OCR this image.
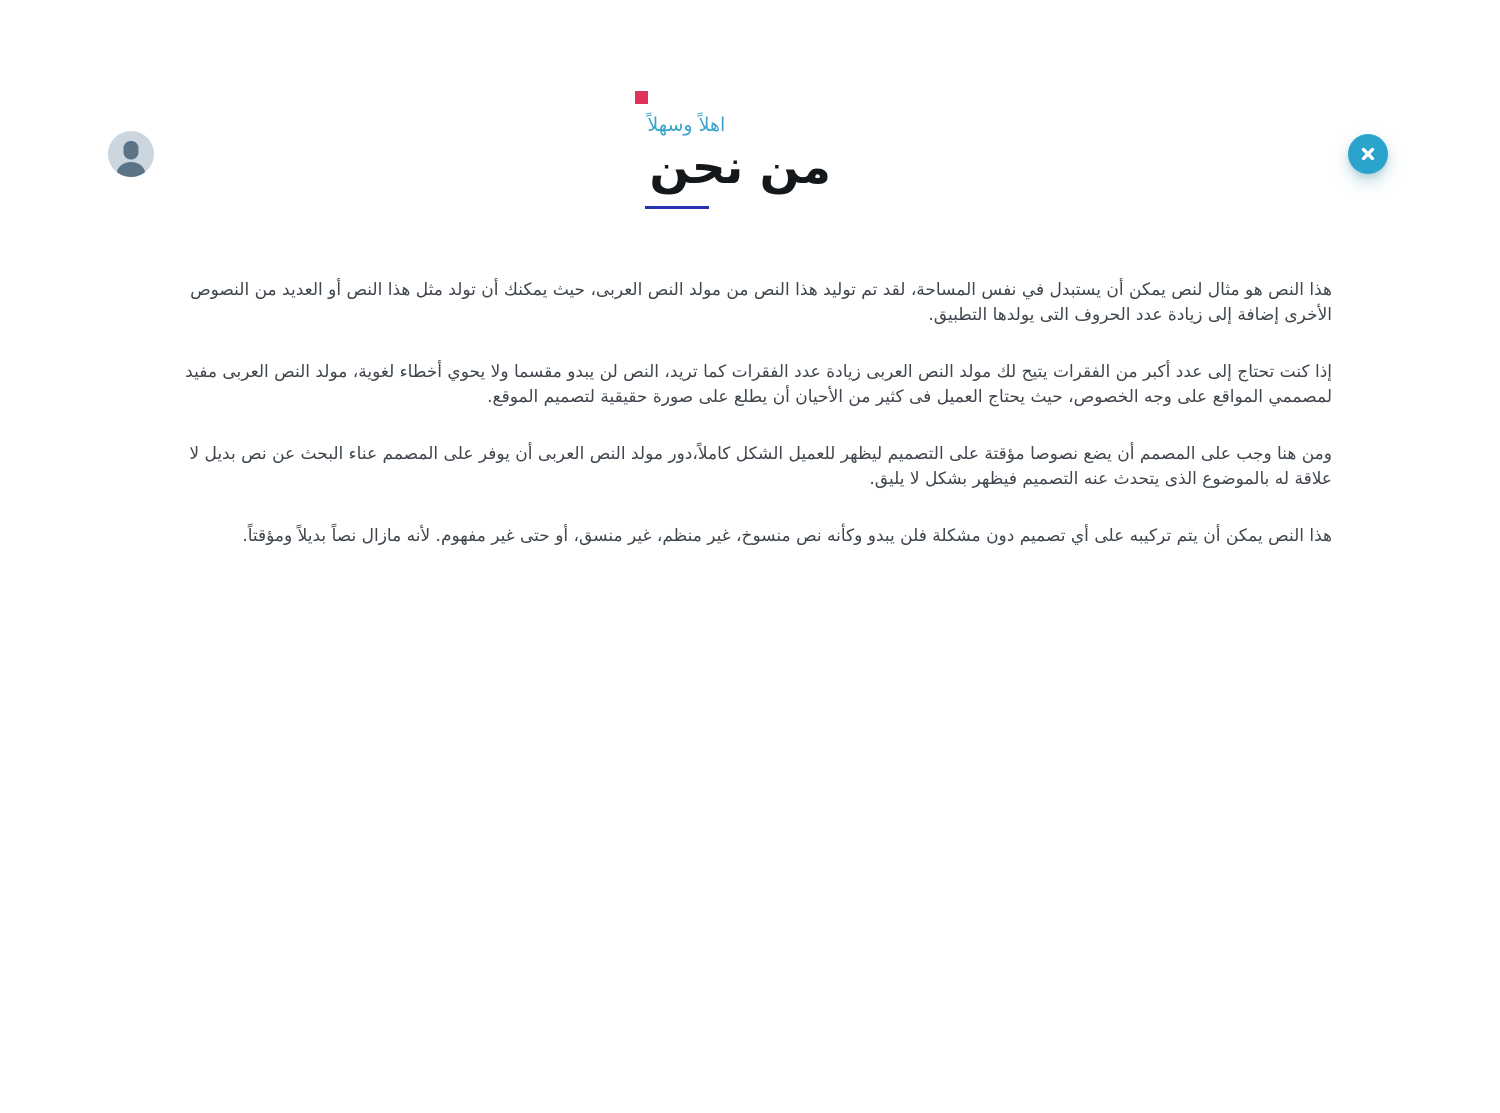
اهلاً وسهلاً
من نحن

هذا النص هو مثال لنص يمكن أن يستبدل في نفس المساحة، لقد تم توليد هذا النص من مولد النص العربى، حيث يمكنك أن تولد مثل هذا النص أو العديد من النصوص الأخرى إضافة إلى زيادة عدد الحروف التى يولدها التطبيق.

إذا كنت تحتاج إلى عدد أكبر من الفقرات يتيح لك مولد النص العربى زيادة عدد الفقرات كما تريد، النص لن يبدو مقسما ولا يحوي أخطاء لغوية، مولد النص العربى مفيد لمصممي المواقع على وجه الخصوص، حيث يحتاج العميل فى كثير من الأحيان أن يطلع على صورة حقيقية لتصميم الموقع.

ومن هنا وجب على المصمم أن يضع نصوصا مؤقتة على التصميم ليظهر للعميل الشكل كاملاً،دور مولد النص العربى أن يوفر على المصمم عناء البحث عن نص بديل لا علاقة له بالموضوع الذى يتحدث عنه التصميم فيظهر بشكل لا يليق.

هذا النص يمكن أن يتم تركيبه على أي تصميم دون مشكلة فلن يبدو وكأنه نص منسوخ، غير منظم، غير منسق، أو حتى غير مفهوم. لأنه مازال نصاً بديلاً ومؤقتاً.
